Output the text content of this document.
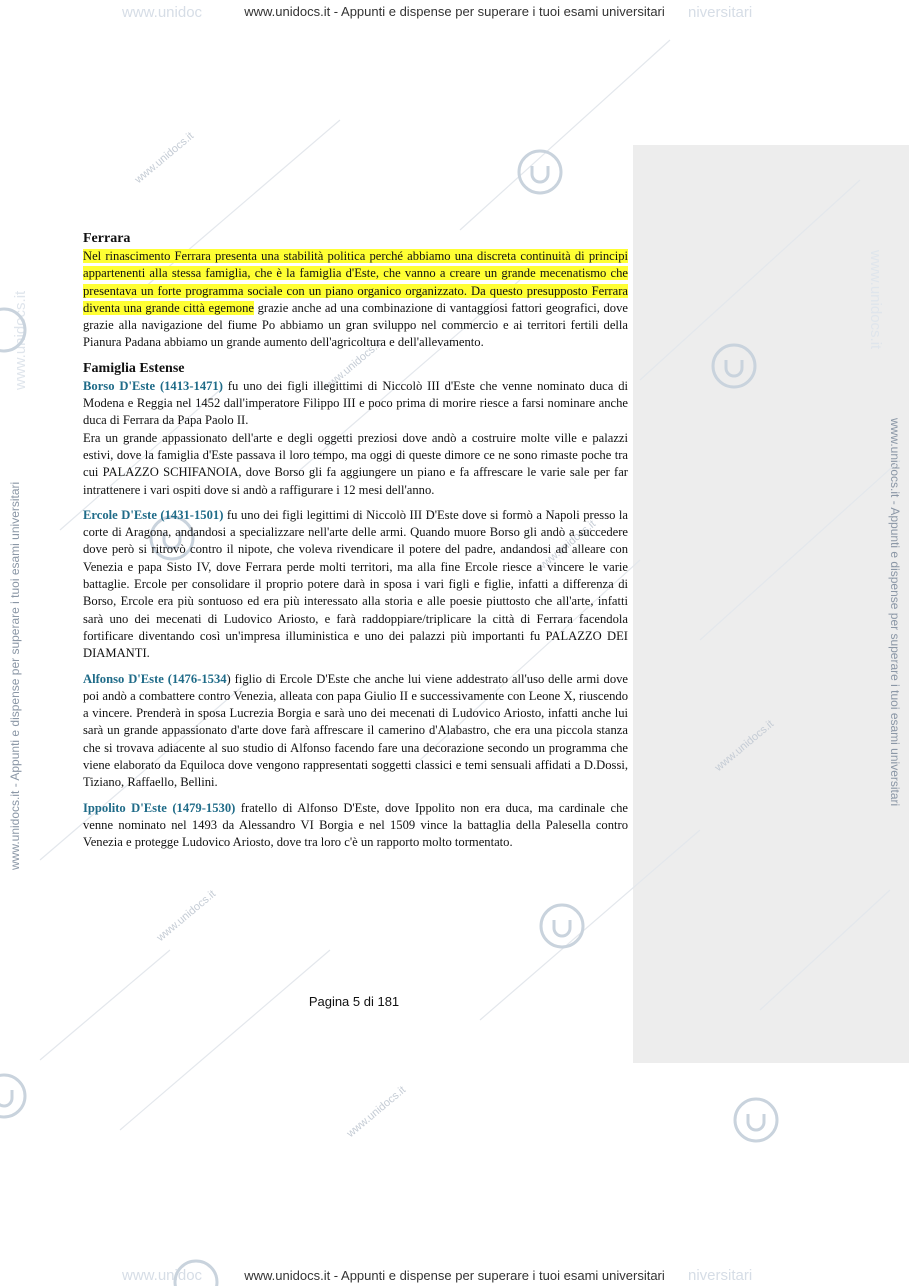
www.unidoc	niversitari
www.unidocs.it - Appunti e dispense per superare i tuoi esami universitari
www.unidoc	niversitari
www.unidocs.it - Appunti e dispense per superare i tuoi esami universitari
www.unidocs.it - Appunti e dispense per superare i tuoi esami universitari	www.unidocs.it - Appunti e dispense per superare i tuoi esami universitari
www.unidocs.it	www.unidocs.it
www.unidocs.it
www.unidocs.it
www.unidocs.it
www.unidocs.it
www.unidocs.it
www.unidocs.it
Ferrara

Nel rinascimento Ferrara presenta una stabilità politica perché abbiamo una discreta continuità di principi appartenenti alla stessa famiglia, che è la famiglia d'Este, che vanno a creare un grande mecenatismo che presentava un forte programma sociale con un piano organico organizzato. Da questo presupposto Ferrara diventa una grande città egemone grazie anche ad una combinazione di vantaggiosi fattori geografici, dove grazie alla navigazione del fiume Po abbiamo un gran sviluppo nel commercio e ai territori fertili della Pianura Padana abbiamo un grande aumento dell'agricoltura e dell'allevamento.

Famiglia Estense

Borso D'Este (1413-1471) fu uno dei figli illegittimi di Niccolò III d'Este che venne nominato duca di Modena e Reggia nel 1452 dall'imperatore Filippo III e poco prima di morire riesce a farsi nominare anche duca di Ferrara da Papa Paolo II.

Era un grande appassionato dell'arte e degli oggetti preziosi dove andò a costruire molte ville e palazzi estivi, dove la famiglia d'Este passava il loro tempo, ma oggi di queste dimore ce ne sono rimaste poche tra cui PALAZZO SCHIFANOIA, dove Borso gli fa aggiungere un piano e fa affrescare le varie sale per far intrattenere i vari ospiti dove si andò a raffigurare i 12 mesi dell'anno.

Ercole D'Este (1431-1501) fu uno dei figli legittimi di Niccolò III D'Este dove si formò a Napoli presso la corte di Aragona, andandosi a specializzare nell'arte delle armi. Quando muore Borso gli andò a succedere dove però si ritrovò contro il nipote, che voleva rivendicare il potere del padre, andandosi ad alleare con Venezia e papa Sisto IV, dove Ferrara perde molti territori, ma alla fine Ercole riesce a vincere le varie battaglie. Ercole per consolidare il proprio potere darà in sposa i vari figli e figlie, infatti a differenza di Borso, Ercole era più sontuoso ed era più interessato alla storia e alle poesie piuttosto che all'arte, infatti sarà uno dei mecenati di Ludovico Ariosto, e farà raddoppiare/triplicare la città di Ferrara facendola fortificare diventando così un'impresa illuministica e uno dei palazzi più importanti fu PALAZZO DEI DIAMANTI.

Alfonso D'Este (1476-1534) figlio di Ercole D'Este che anche lui viene addestrato all'uso delle armi dove poi andò a combattere contro Venezia, alleata con papa Giulio II e successivamente con Leone X, riuscendo a vincere. Prenderà in sposa Lucrezia Borgia e sarà uno dei mecenati di Ludovico Ariosto, infatti anche lui sarà un grande appassionato d'arte dove farà affrescare il camerino d'Alabastro, che era una piccola stanza che si trovava adiacente al suo studio di Alfonso facendo fare una decorazione secondo un programma che viene elaborato da Equiloca dove vengono rappresentati soggetti classici e temi sensuali affidati a D.Dossi, Tiziano, Raffaello, Bellini.

Ippolito D'Este (1479-1530) fratello di Alfonso D'Este, dove Ippolito non era duca, ma cardinale che venne nominato nel 1493 da Alessandro VI Borgia e nel 1509 vince la battaglia della Palesella contro Venezia e protegge Ludovico Ariosto, dove tra loro c'è un rapporto molto tormentato.

Pagina 5 di 181
